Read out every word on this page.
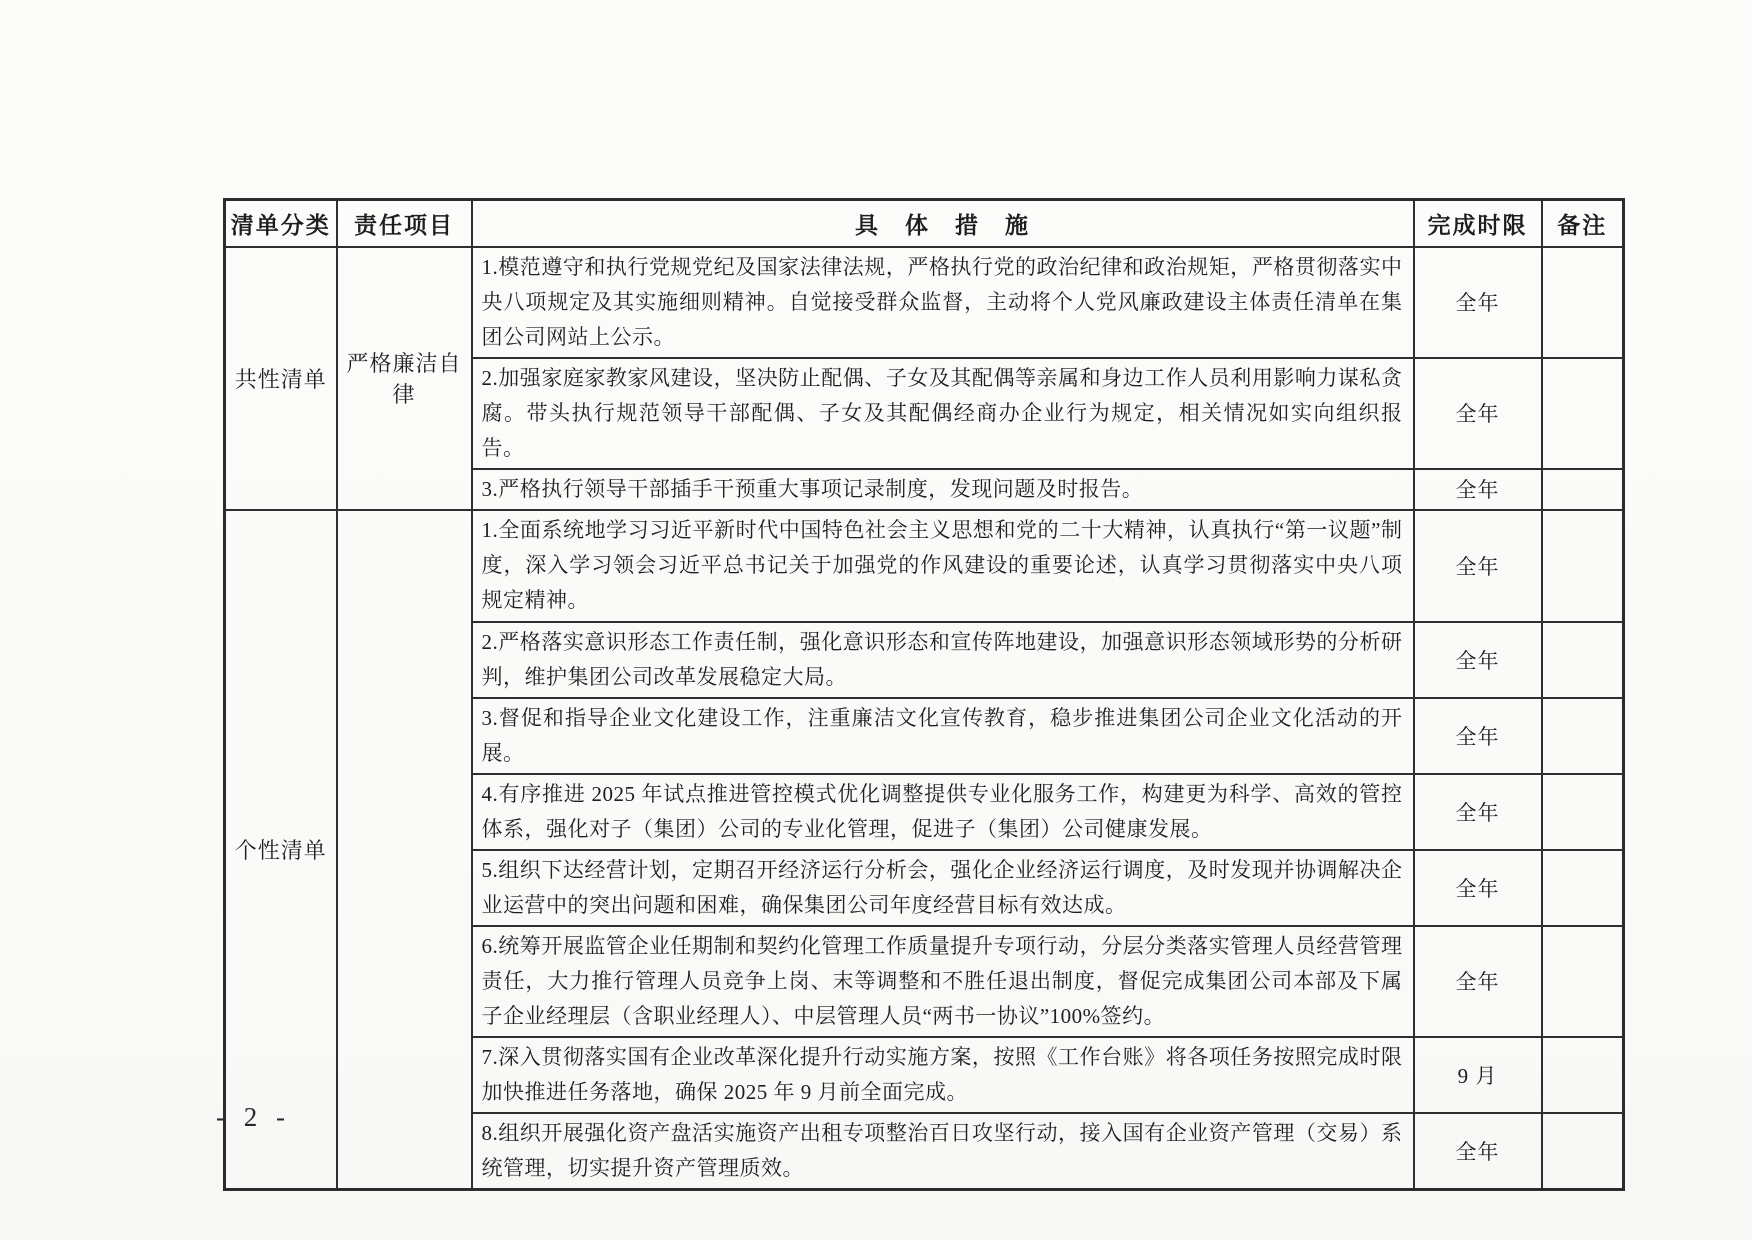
清单分类	责任项目	具　体　措　施	完成时限	备注
共性清单	严格廉洁自律	1.模范遵守和执行党规党纪及国家法律法规，严格执行党的政治纪律和政治规矩，严格贯彻落实中央八项规定及其实施细则精神。自觉接受群众监督，主动将个人党风廉政建设主体责任清单在集团公司网站上公示。	全年	
		2.加强家庭家教家风建设，坚决防止配偶、子女及其配偶等亲属和身边工作人员利用影响力谋私贪腐。带头执行规范领导干部配偶、子女及其配偶经商办企业行为规定，相关情况如实向组织报告。	全年	
		3.严格执行领导干部插手干预重大事项记录制度，发现问题及时报告。	全年	
个性清单		1.全面系统地学习习近平新时代中国特色社会主义思想和党的二十大精神，认真执行“第一议题”制度，深入学习领会习近平总书记关于加强党的作风建设的重要论述，认真学习贯彻落实中央八项规定精神。	全年	
		2.严格落实意识形态工作责任制，强化意识形态和宣传阵地建设，加强意识形态领域形势的分析研判，维护集团公司改革发展稳定大局。	全年	
		3.督促和指导企业文化建设工作，注重廉洁文化宣传教育，稳步推进集团公司企业文化活动的开展。	全年	
		4.有序推进 2025 年试点推进管控模式优化调整提供专业化服务工作，构建更为科学、高效的管控体系，强化对子（集团）公司的专业化管理，促进子（集团）公司健康发展。	全年	
		5.组织下达经营计划，定期召开经济运行分析会，强化企业经济运行调度，及时发现并协调解决企业运营中的突出问题和困难，确保集团公司年度经营目标有效达成。	全年	
		6.统筹开展监管企业任期制和契约化管理工作质量提升专项行动，分层分类落实管理人员经营管理责任，大力推行管理人员竞争上岗、末等调整和不胜任退出制度，督促完成集团公司本部及下属子企业经理层（含职业经理人）、中层管理人员“两书一协议”100%签约。	全年	
		7.深入贯彻落实国有企业改革深化提升行动实施方案，按照《工作台账》将各项任务按照完成时限加快推进任务落地，确保 2025 年 9 月前全面完成。	9 月	
		8.组织开展强化资产盘活实施资产出租专项整治百日攻坚行动，接入国有企业资产管理（交易）系统管理，切实提升资产管理质效。	全年	
- 2 -
